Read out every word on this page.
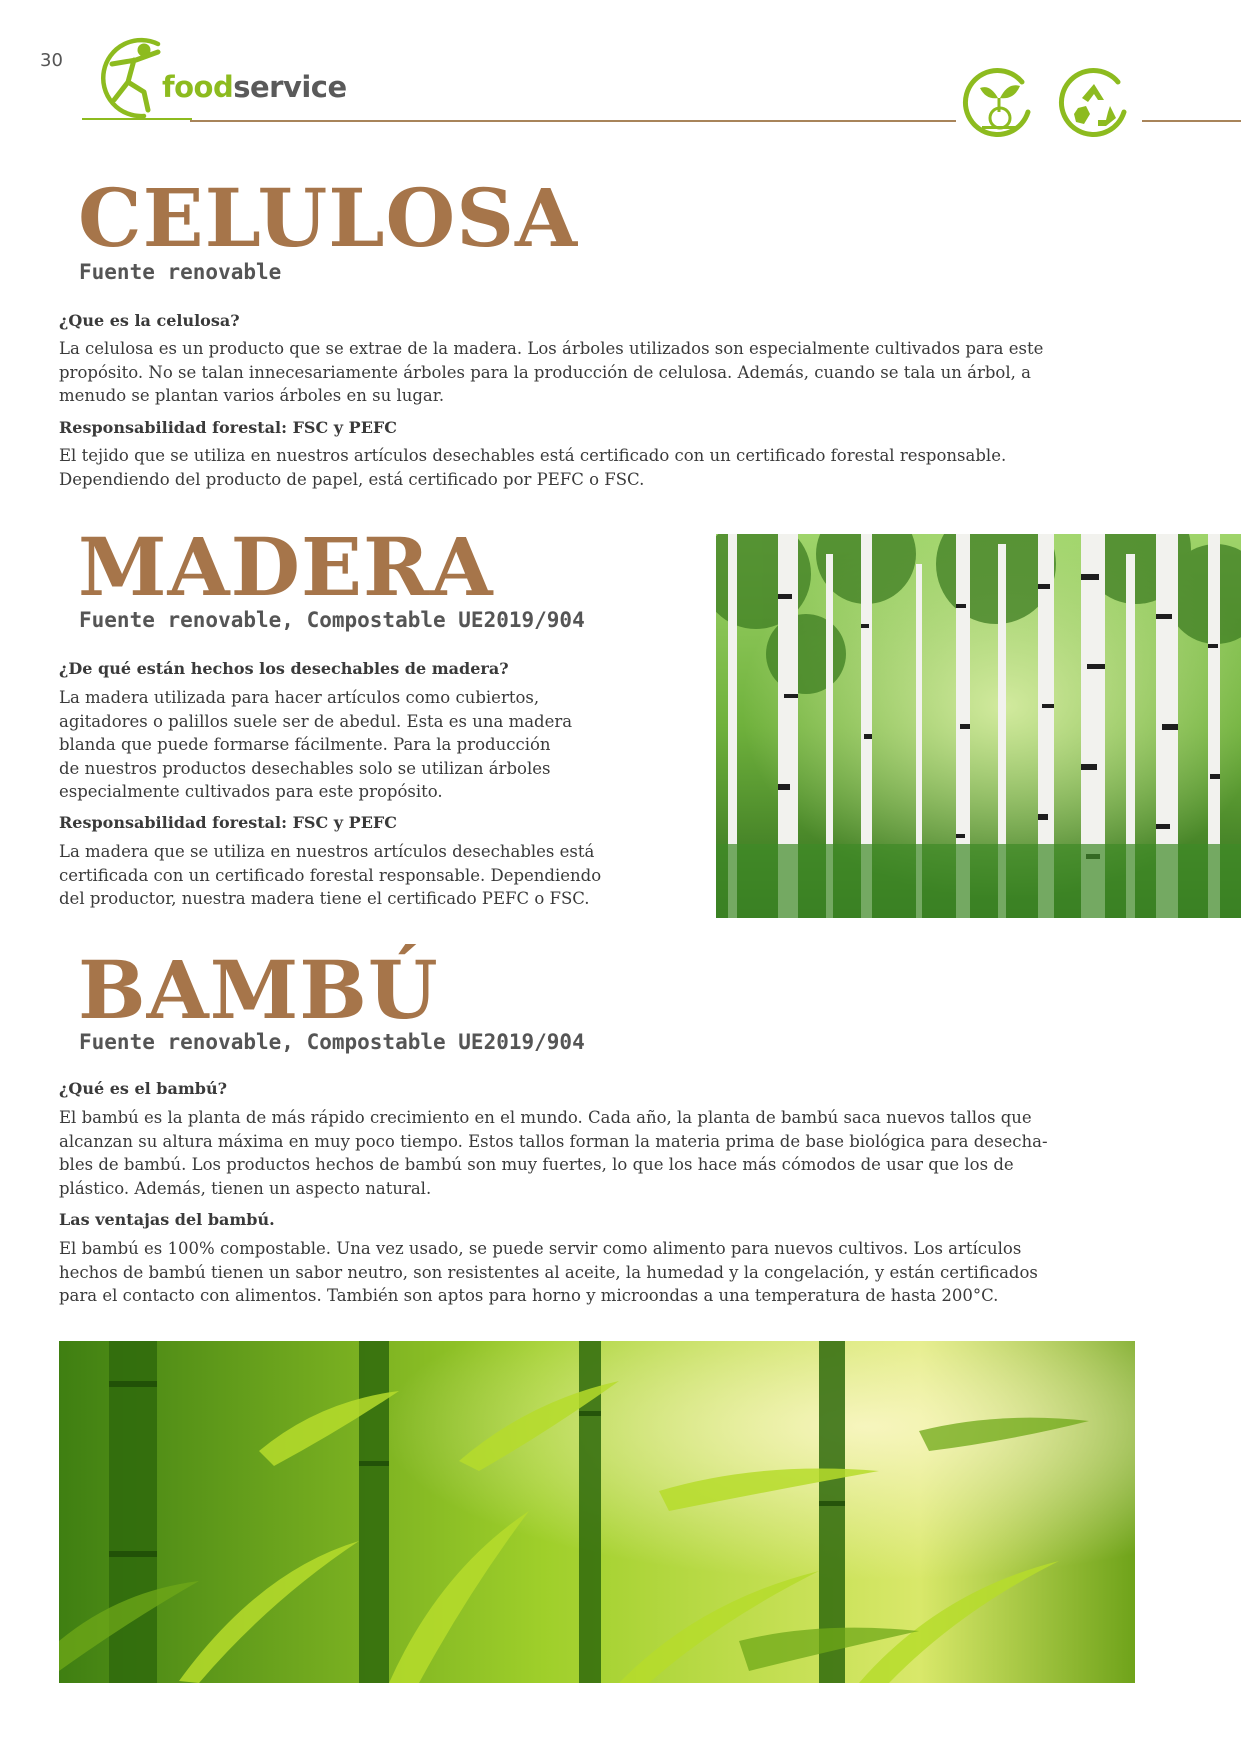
30
foodservice
CELULOSA
Fuente renovable
¿Que es la celulosa?
La celulosa es un producto que se extrae de la madera. Los árboles utilizados son especialmente cultivados para este
propósito. No se talan innecesariamente árboles para la producción de celulosa. Además, cuando se tala un árbol, a
menudo se plantan varios árboles en su lugar.
Responsabilidad forestal: FSC y PEFC
El tejido que se utiliza en nuestros artículos desechables está certificado con un certificado forestal responsable.
Dependiendo del producto de papel, está certificado por PEFC o FSC.
MADERA
Fuente renovable, Compostable UE2019/904
¿De qué están hechos los desechables de madera?
La madera utilizada para hacer artículos como cubiertos,
agitadores o palillos suele ser de abedul. Esta es una madera
blanda que puede formarse fácilmente. Para la producción
de nuestros productos desechables solo se utilizan árboles
especialmente cultivados para este propósito.
Responsabilidad forestal: FSC y PEFC
La madera que se utiliza en nuestros artículos desechables está
certificada con un certificado forestal responsable. Dependiendo
del productor, nuestra madera tiene el certificado PEFC o FSC.
BAMBÚ
Fuente renovable, Compostable UE2019/904
¿Qué es el bambú?
El bambú es la planta de más rápido crecimiento en el mundo. Cada año, la planta de bambú saca nuevos tallos que
alcanzan su altura máxima en muy poco tiempo. Estos tallos forman la materia prima de base biológica para desecha-
bles de bambú. Los productos hechos de bambú son muy fuertes, lo que los hace más cómodos de usar que los de
plástico. Además, tienen un aspecto natural.
Las ventajas del bambú.
El bambú es 100% compostable. Una vez usado, se puede servir como alimento para nuevos cultivos. Los artículos
hechos de bambú tienen un sabor neutro, son resistentes al aceite, la humedad y la congelación, y están certificados
para el contacto con alimentos. También son aptos para horno y microondas a una temperatura de hasta 200°C.
